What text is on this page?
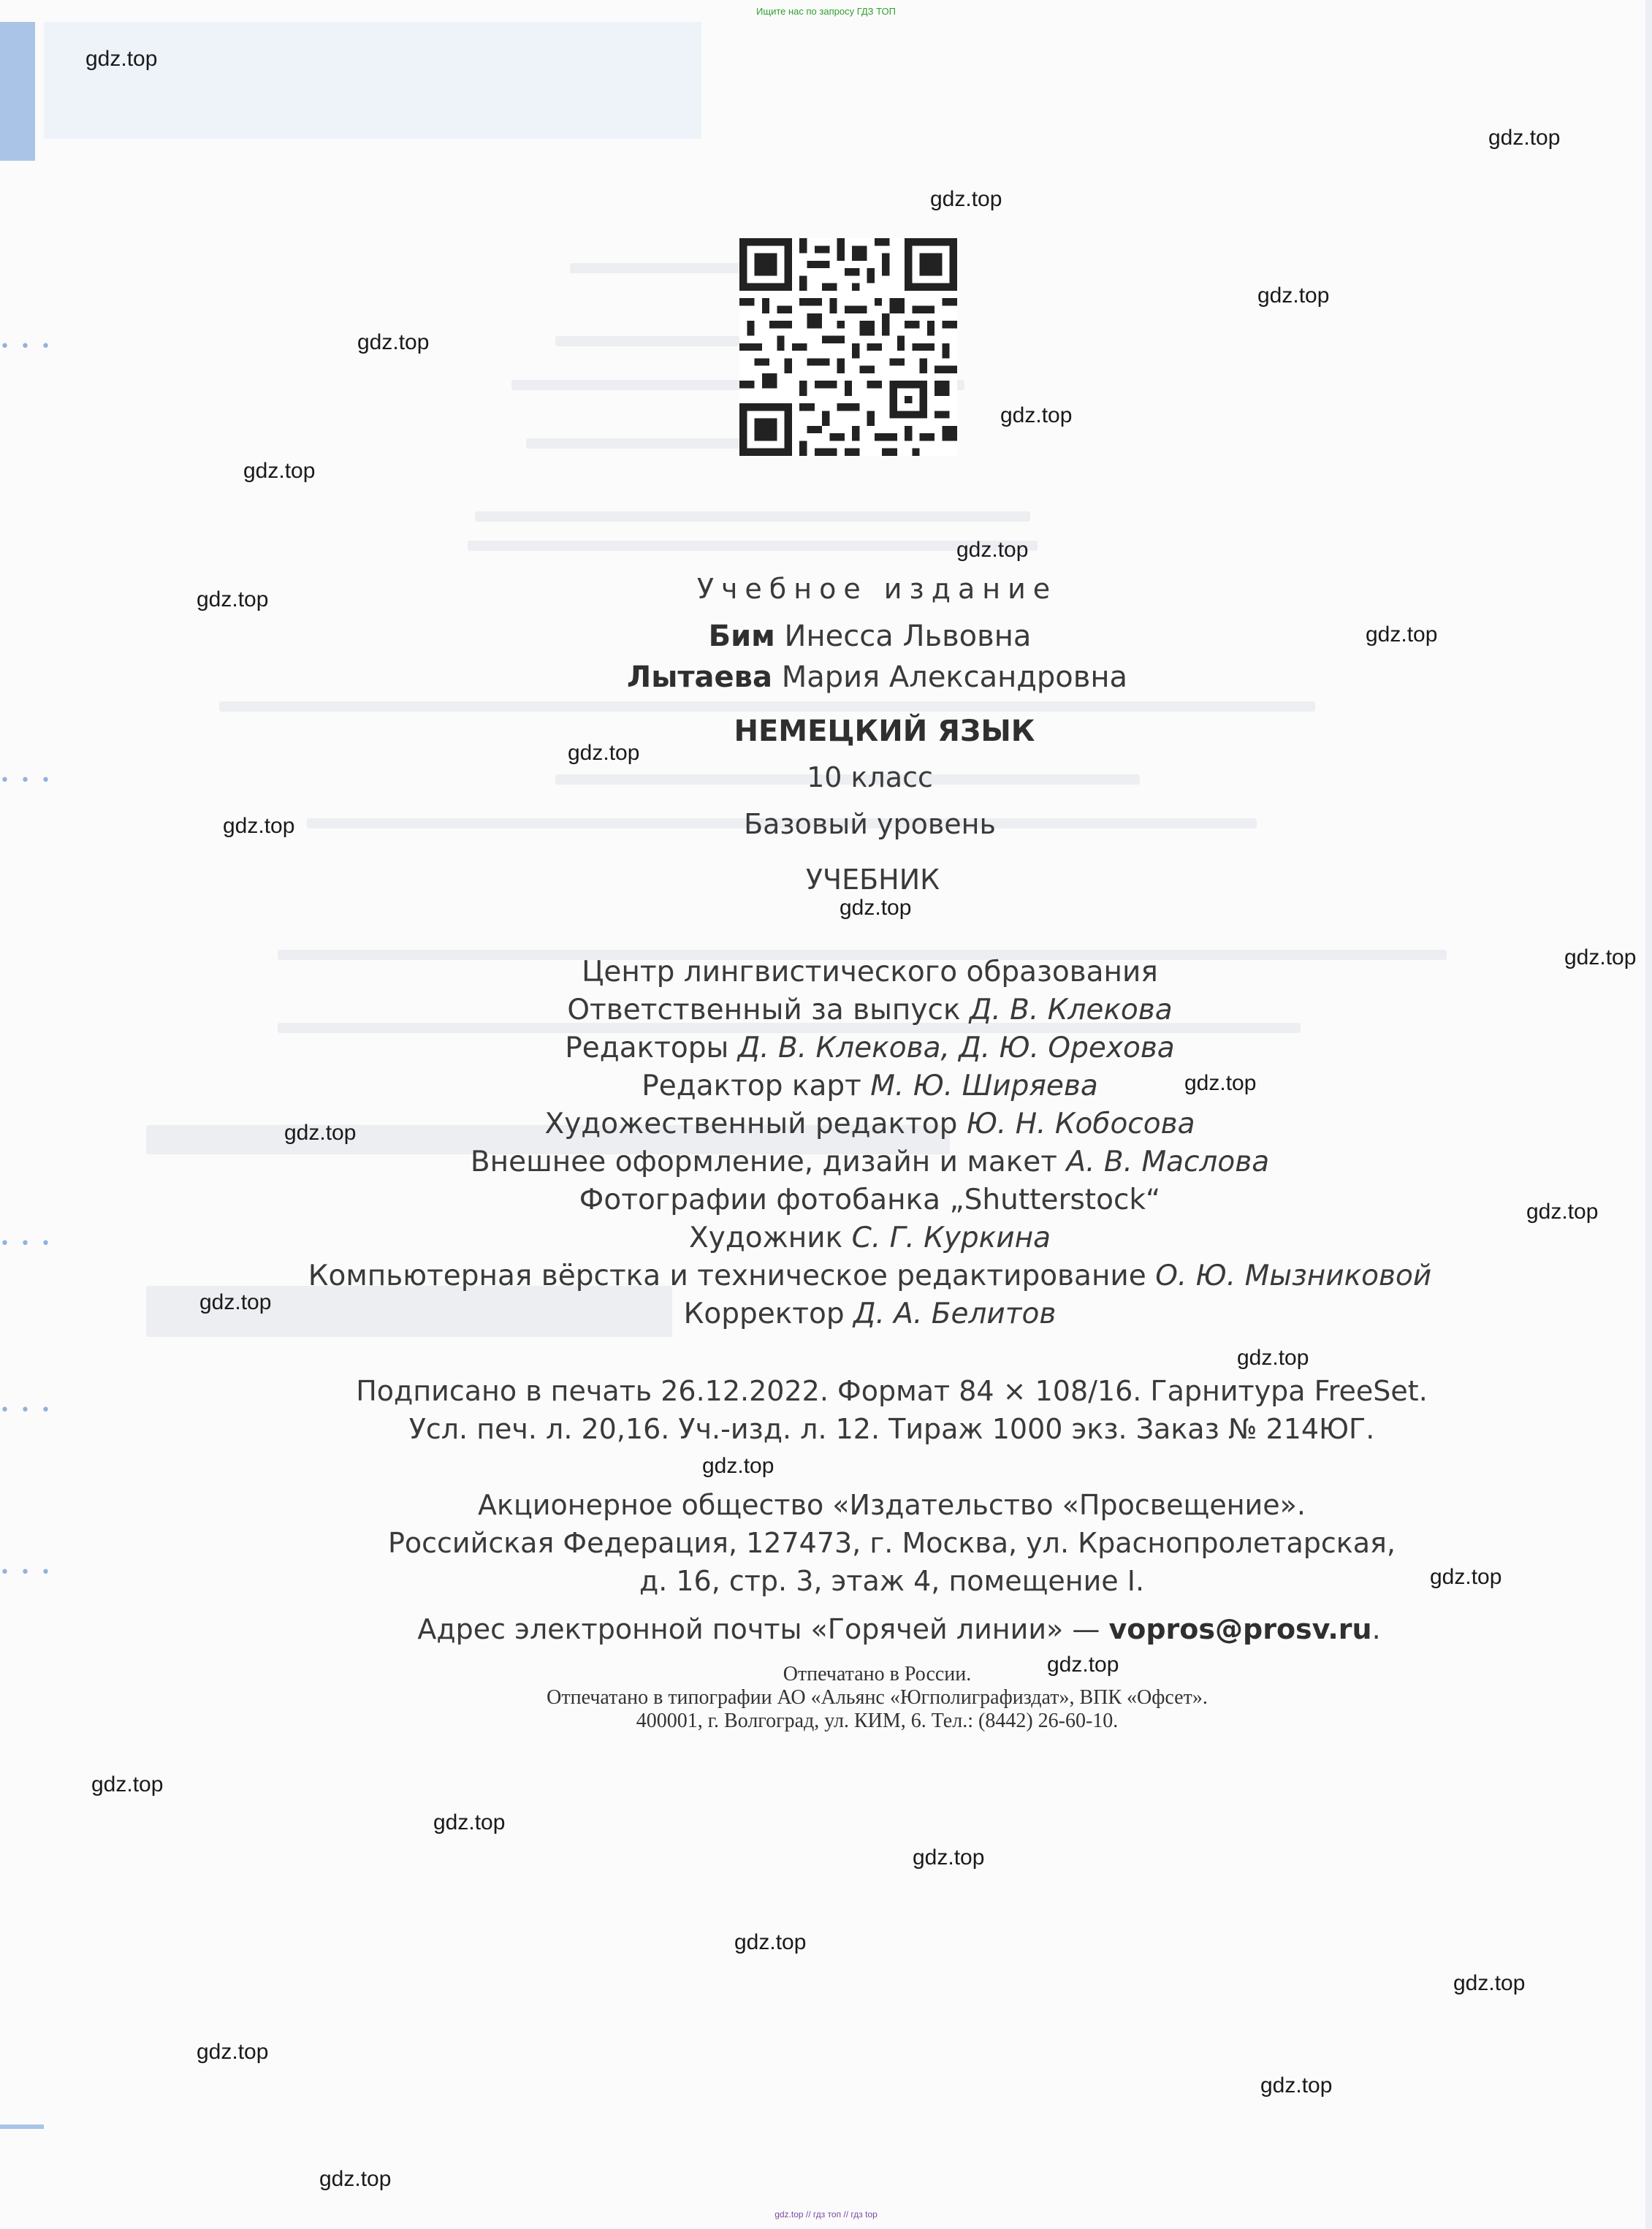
• • •
• • •
• • •
• • •
• • •
Ищите нас по запросу ГДЗ ТОП
gdz.top // гдз топ // гдз top
Учебное издание
Бим Инесса Львовна
Лытаева Мария Александровна
НЕМЕЦКИЙ ЯЗЫК
10 класс
Базовый уровень
УЧЕБНИК
Центр лингвистического образования
Ответственный за выпуск Д. В. Клекова
Редакторы Д. В. Клекова, Д. Ю. Орехова
Редактор карт М. Ю. Ширяева
Художественный редактор Ю. Н. Кобосова
Внешнее оформление, дизайн и макет А. В. Маслова
Фотографии фотобанка „Shutterstock“
Художник С. Г. Куркина
Компьютерная вёрстка и техническое редактирование О. Ю. Мызниковой
Корректор Д. А. Белитов
Подписано в печать 26.12.2022. Формат 84 × 108/16. Гарнитура FreeSet.
Усл. печ. л. 20,16. Уч.-изд. л. 12. Тираж 1000 экз. Заказ № 214ЮГ.
Акционерное общество «Издательство «Просвещение».
Российская Федерация, 127473, г. Москва, ул. Краснопролетарская,
д. 16, стр. 3, этаж 4, помещение I.
Адрес электронной почты «Горячей линии» — vopros@prosv.ru.
Отпечатано в России.
Отпечатано в типографии АО «Альянс «Югполиграфиздат», ВПК «Офсет».
400001, г. Волгоград, ул. КИМ, 6. Тел.: (8442) 26-60-10.
gdz.top
gdz.top
gdz.top
gdz.top
gdz.top
gdz.top
gdz.top
gdz.top
gdz.top
gdz.top
gdz.top
gdz.top
gdz.top
gdz.top
gdz.top
gdz.top
gdz.top
gdz.top
gdz.top
gdz.top
gdz.top
gdz.top
gdz.top
gdz.top
gdz.top
gdz.top
gdz.top
gdz.top
gdz.top
gdz.top
